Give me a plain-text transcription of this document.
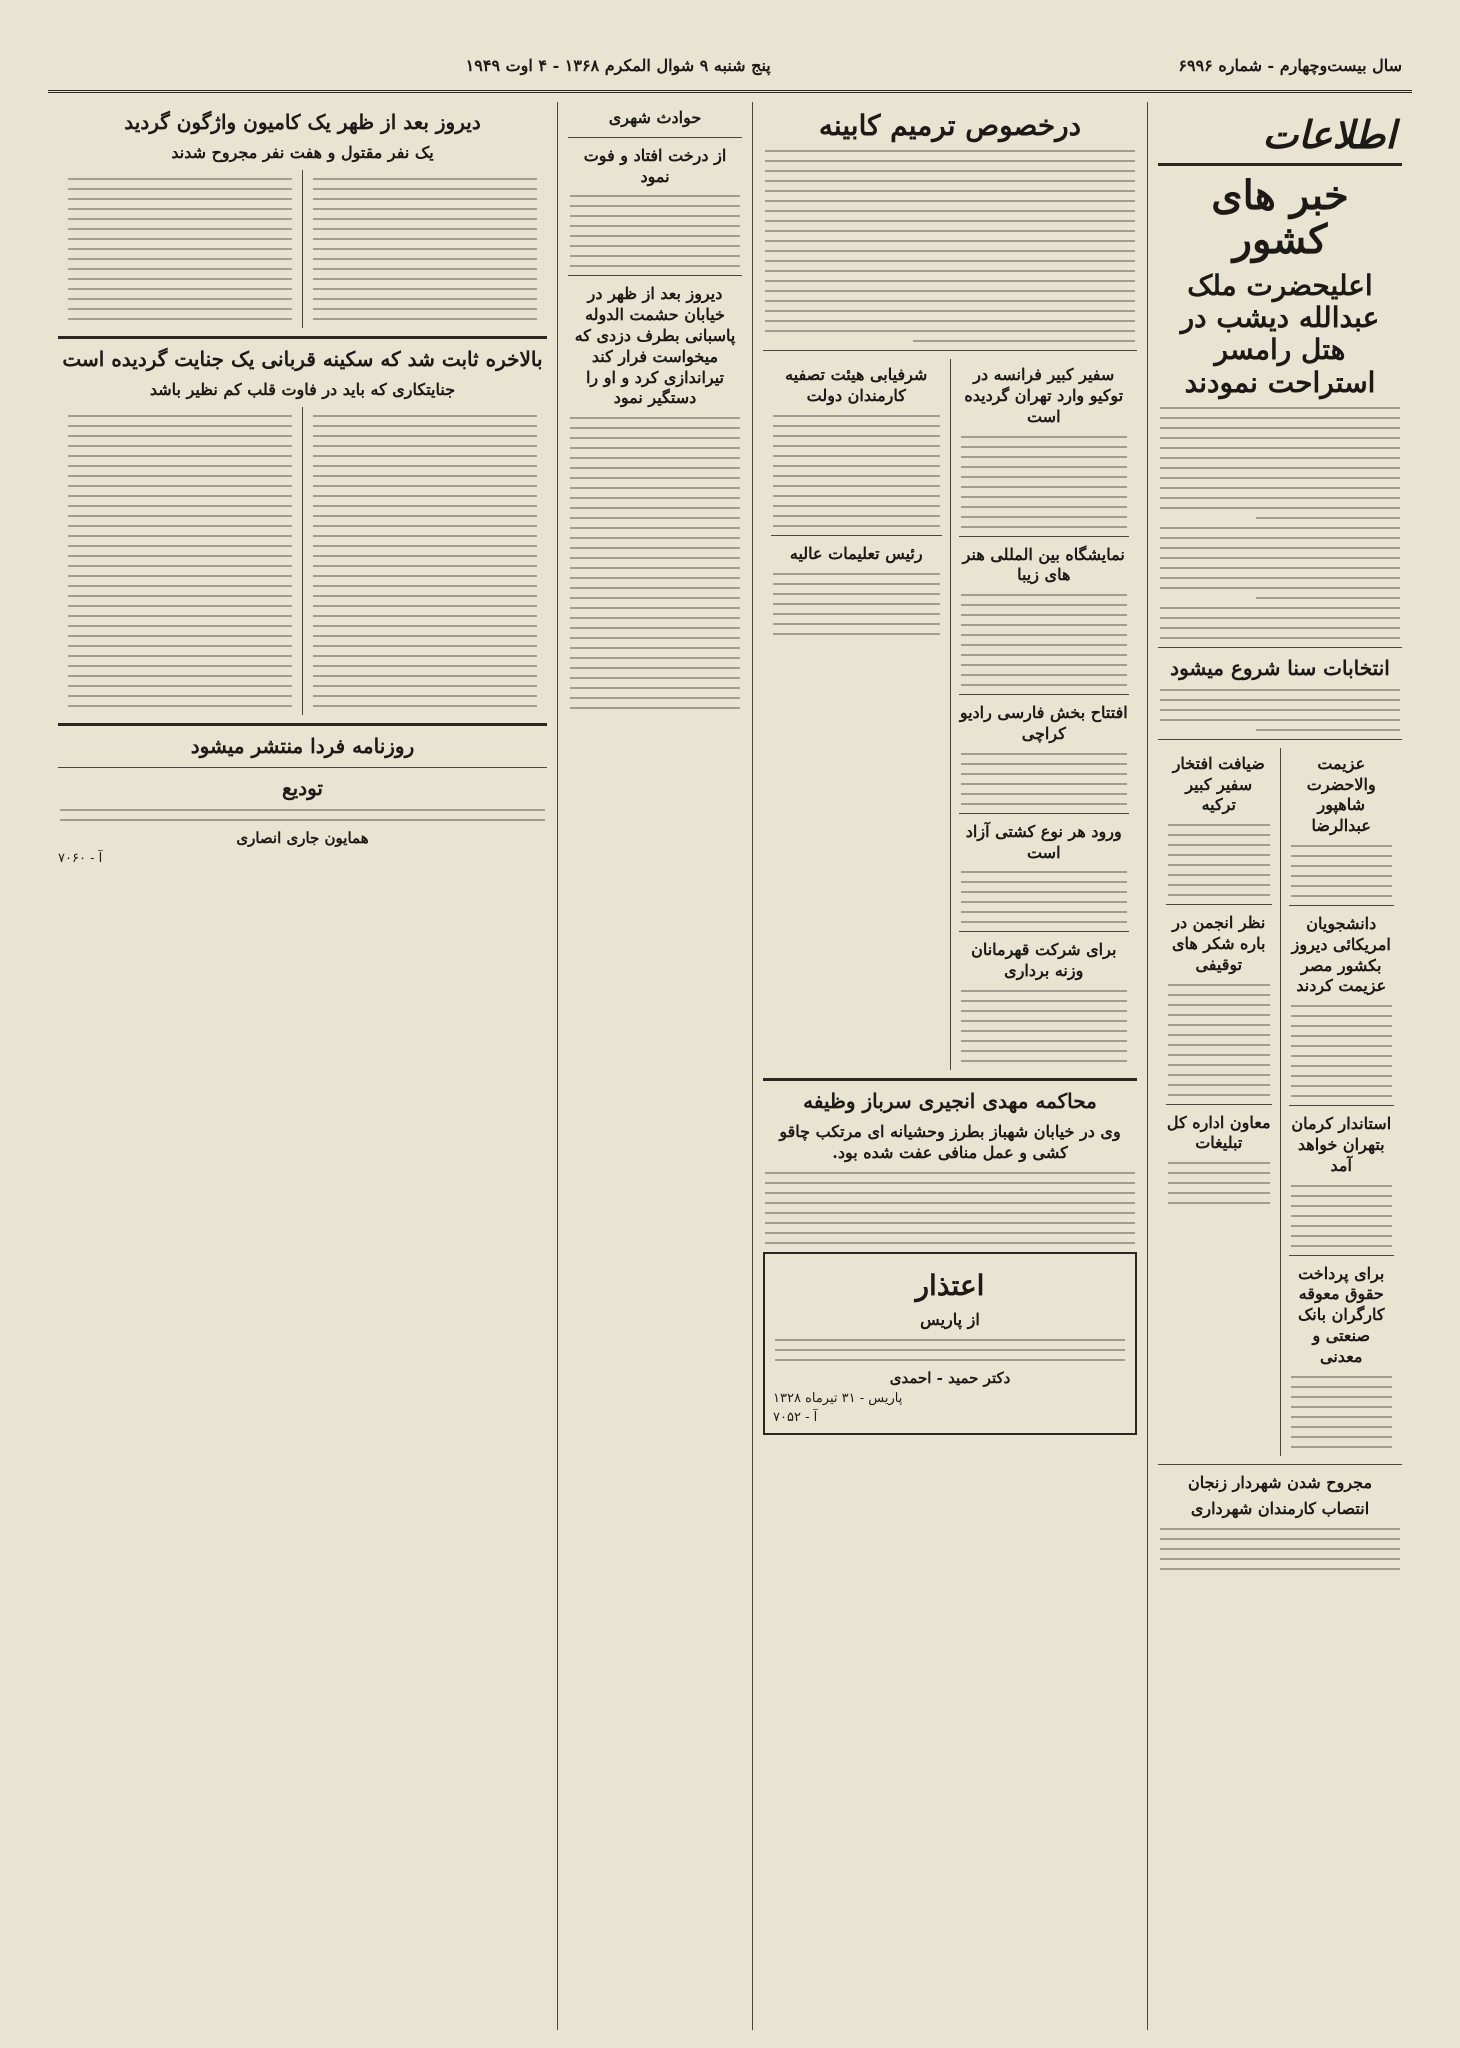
سال بیست‌وچهارم - شماره ۶۹۹۶
پنج شنبه ۹ شوال المکرم ۱۳۶۸ - ۴ اوت ۱۹۴۹
اطلاعات
خبر های کشور
اعلیحضرت ملک عبدالله دیشب در هتل رامسر استراحت نمودند
انتخابات سنا شروع میشود
عزیمت والاحضرت شاهپور عبدالرضا
دانشجویان امریکائی دیروز بکشور مصر عزیمت کردند
استاندار کرمان بتهران خواهد آمد
برای پرداخت حقوق معوقه کارگران بانک صنعتی و معدنی
ضیافت افتخار سفیر کبیر ترکیه
نظر انجمن در باره شکر های توقیفی
معاون اداره کل تبلیغات
مجروح شدن شهردار زنجان
انتصاب کارمندان شهرداری
درخصوص ترمیم کابینه
سفیر کبیر فرانسه در توکیو وارد تهران گردیده است
نمایشگاه بین المللی هنر های زیبا
افتتاح بخش فارسی رادیو کراچی
ورود هر نوع کشتی آزاد است
برای شرکت قهرمانان وزنه برداری
شرفیابی هیئت تصفیه کارمندان دولت
رئیس تعلیمات عالیه
محاکمه مهدی انجیری سرباز وظیفه
وی در خیابان شهباز بطرز وحشیانه ای مرتکب چاقو کشی و عمل منافی عفت شده بود.
اعتذار
از پاریس
دکتر حمید - احمدی
پاریس - ۳۱ تیرماه ۱۳۲۸
آ - ۷۰۵۲
حوادث شهری
از درخت افتاد و فوت نمود
دیروز بعد از ظهر در خیابان حشمت الدوله پاسبانی بطرف دزدی که میخواست فرار کند تیراندازی کرد و او را دستگیر نمود
دیروز بعد از ظهر یک کامیون واژگون گردید
یک نفر مقتول و هفت نفر مجروح شدند
بالاخره ثابت شد که سکینه قربانی یک جنایت گردیده است
جنایتکاری که باید در فاوت قلب کم نظیر باشد
روزنامه فردا منتشر میشود
تودیع
همایون جاری انصاری
آ - ۷۰۶۰
